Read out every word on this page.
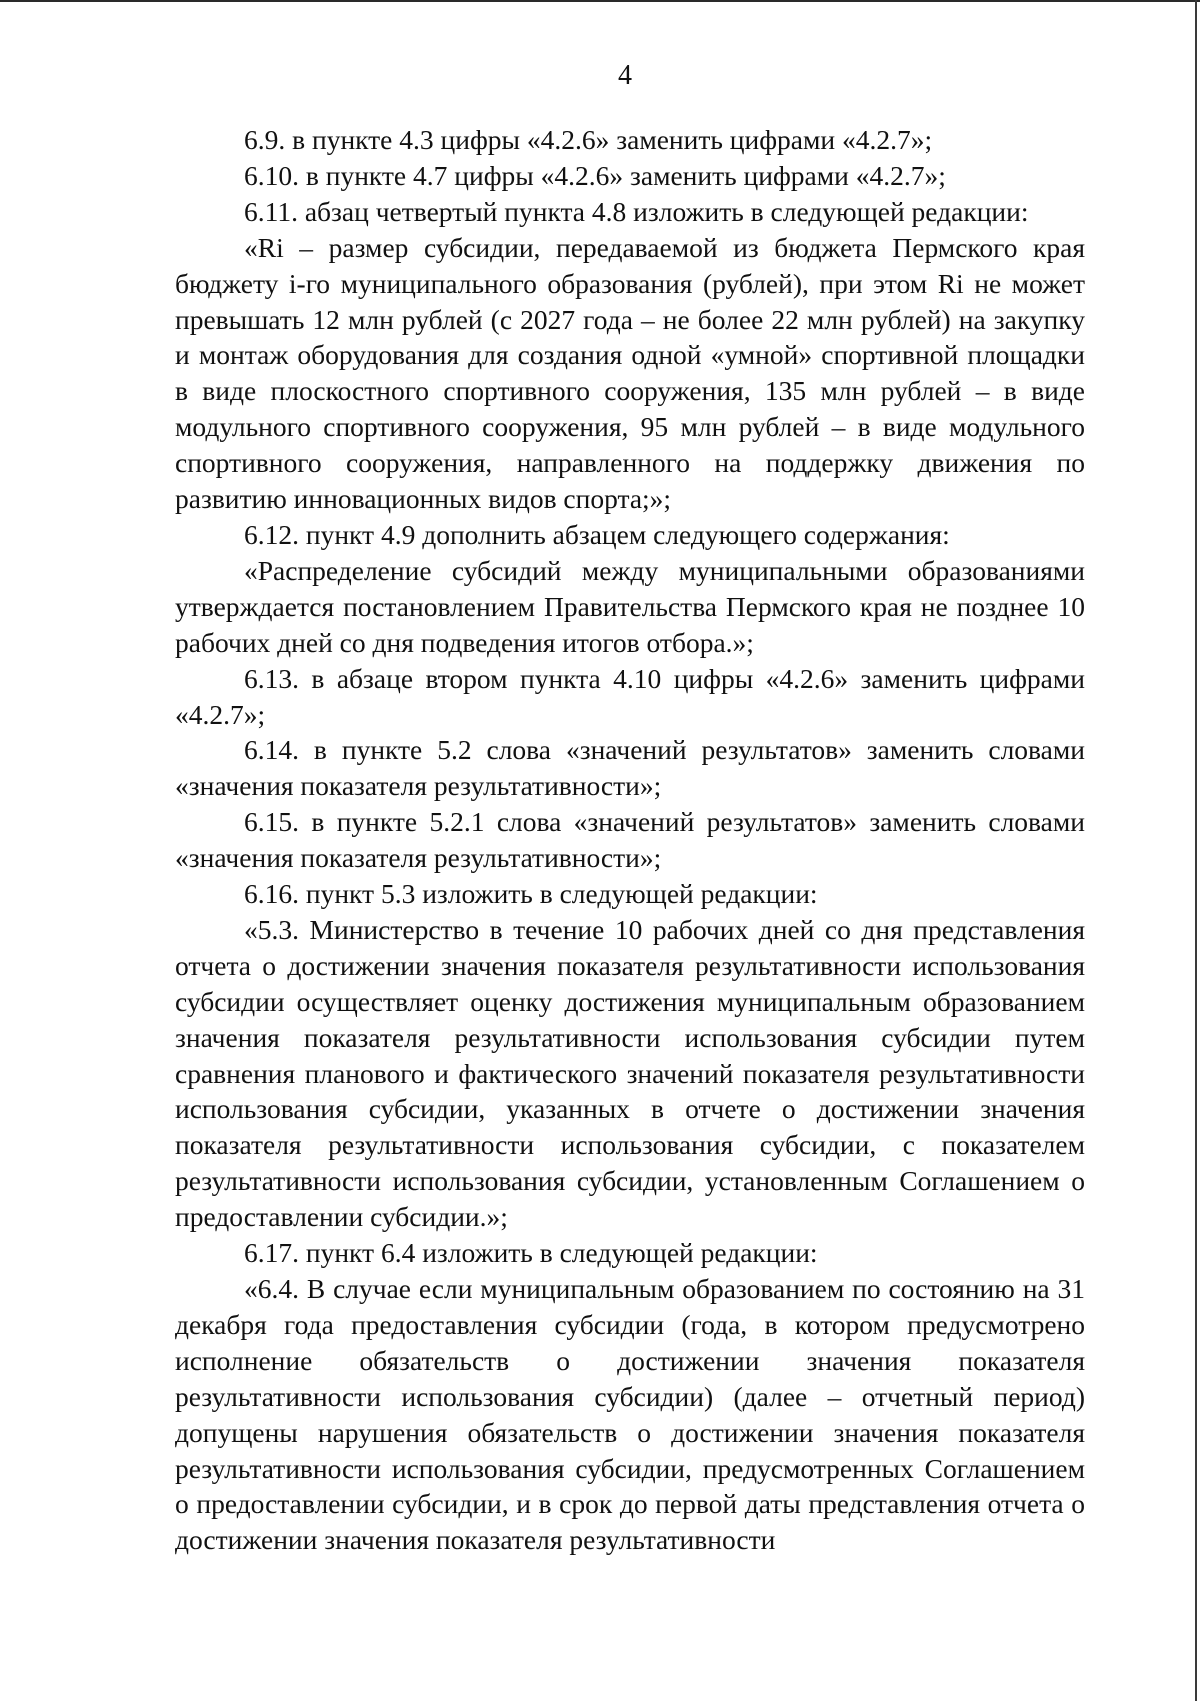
4

6.9. в пункте 4.3 цифры «4.2.6» заменить цифрами «4.2.7»;

6.10. в пункте 4.7 цифры «4.2.6» заменить цифрами «4.2.7»;

6.11. абзац четвертый пункта 4.8 изложить в следующей редакции:

«Ri – размер субсидии, передаваемой из бюджета Пермского края бюджету i-го муниципального образования (рублей), при этом Ri не может превышать 12 млн рублей (с 2027 года – не более 22 млн рублей) на закупку и монтаж оборудования для создания одной «умной» спортивной площадки в виде плоскостного спортивного сооружения, 135 млн рублей – в виде модульного спортивного сооружения, 95 млн рублей – в виде модульного спортивного сооружения, направленного на поддержку движения по развитию инновационных видов спорта;»;

6.12. пункт 4.9 дополнить абзацем следующего содержания:

«Распределение субсидий между муниципальными образованиями утверждается постановлением Правительства Пермского края не позднее 10 рабочих дней со дня подведения итогов отбора.»;

6.13. в абзаце втором пункта 4.10 цифры «4.2.6» заменить цифрами «4.2.7»;

6.14. в пункте 5.2 слова «значений результатов» заменить словами «значения показателя результативности»;

6.15. в пункте 5.2.1 слова «значений результатов» заменить словами «значения показателя результативности»;

6.16. пункт 5.3 изложить в следующей редакции:

«5.3. Министерство в течение 10 рабочих дней со дня представления отчета о достижении значения показателя результативности использования субсидии осуществляет оценку достижения муниципальным образованием значения показателя результативности использования субсидии путем сравнения планового и фактического значений показателя результативности использования субсидии, указанных в отчете о достижении значения показателя результативности использования субсидии, с показателем результативности использования субсидии, установленным Соглашением о предоставлении субсидии.»;

6.17. пункт 6.4 изложить в следующей редакции:

«6.4. В случае если муниципальным образованием по состоянию на 31 декабря года предоставления субсидии (года, в котором предусмотрено исполнение обязательств о достижении значения показателя результативности использования субсидии) (далее – отчетный период) допущены нарушения обязательств о достижении значения показателя результативности использования субсидии, предусмотренных Соглашением о предоставлении субсидии, и в срок до первой даты представления отчета о достижении значения показателя результативности
